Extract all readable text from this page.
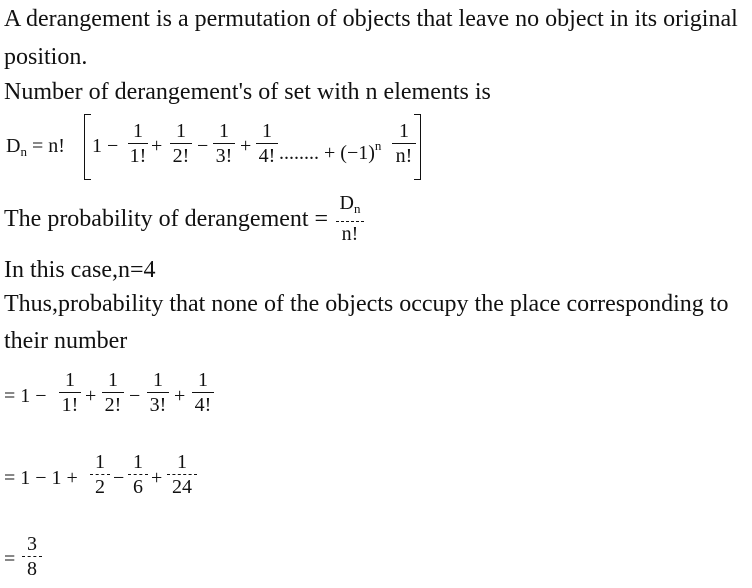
A derangement is a permutation of objects that leave no object in its original
position.
Number of derangement's of set with n elements is
$D_n = n$! 1 −
1
1! +
1
2! −
1
3! +
1
4! ........ + $(-1)^n$
1
n!
The probability of derangement =
$D_n$
n!
In this case,n=4
Thus,probability that none of the objects occupy the place corresponding to
their number
= 1 −
1
1! +
1
2! −
1
3! +
1
4!
= 1 − 1 +
1
2 −
1
6 +
1
24
=
3
8
